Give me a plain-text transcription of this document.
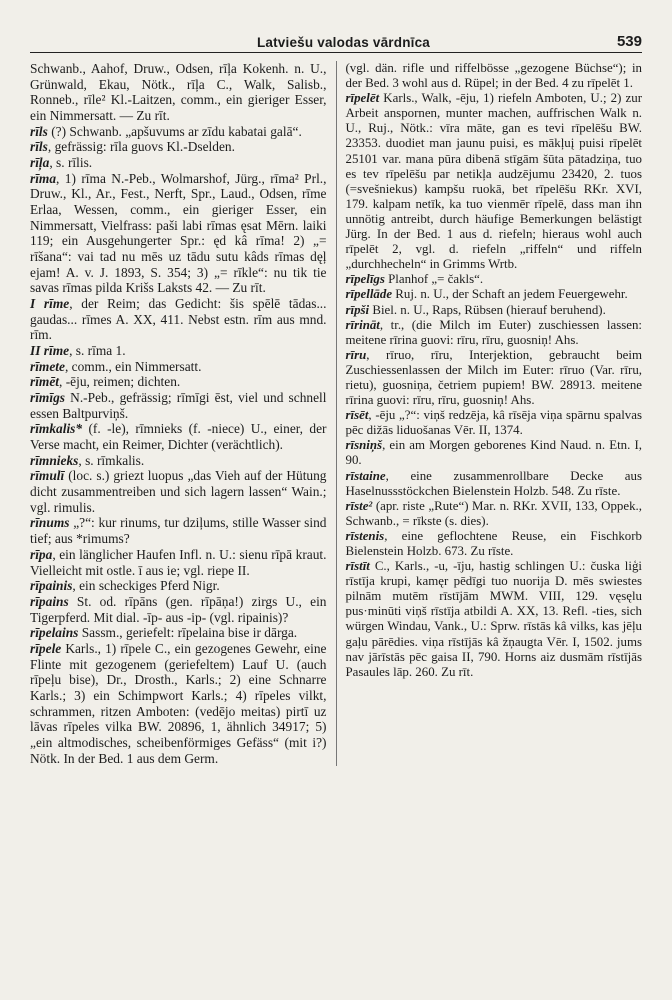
Latviešu valodas vārdnīca	539

Schwanb., Aahof, Druw., Odsen, rīļa Kokenh. n. U., Grünwald, Ekau, Nötk., rīļa C., Walk, Salisb., Ronneb., rīle² Kl.-Laitzen, comm., ein gieriger Esser, ein Nimmersatt. — Zu rīt.

rīls (?) Schwanb. „apšuvums ar zīdu kabatai galā“.

rīls, gefrässig: rīla guovs Kl.-Dselden.

rīļa, s. rīlis.

rīma, 1) rīma N.-Peb., Wolmarshof, Jürg., rīma² Prl., Druw., Kl., Ar., Fest., Nerft, Spr., Laud., Odsen, rīme Erlaa, Wessen, comm., ein gieriger Esser, ein Nimmersatt, Vielfrass: paši labi rīmas ęsat Mērn. laiki 119; ein Ausgehungerter Spr.: ęd kâ rīma! 2) „= rīšana“: vai tad nu mēs uz tādu sutu kâds rīmas dęļ ejam! A. v. J. 1893, S. 354; 3) „= rīkle“: nu tik tie savas rīmas pilda Krišs Laksts 42. — Zu rīt.

I rīme, der Reim; das Gedicht: šis spēlē tādas... gaudas... rīmes A. XX, 411. Nebst estn. rīm aus mnd. rīm.

II rīme, s. rīma 1.

rīmete, comm., ein Nimmersatt.

rīmēt, -ēju, reimen; dichten.

rīmīgs N.-Peb., gefrässig; rīmīgi ēst, viel und schnell essen Baltpurviņš.

rīmkalis* (f. -le), rīmnieks (f. -niece) U., einer, der Verse macht, ein Reimer, Dichter (verächtlich).

rīmnieks, s. rīmkalis.

rīmulī (loc. s.) griezt luopus „das Vieh auf der Hütung dicht zusammentreiben und sich lagern lassen“ Wain.; vgl. rimulis.

rīnums „?“: kur rinums, tur dziļums, stille Wasser sind tief; aus *rimums?

rīpa, ein länglicher Haufen Infl. n. U.: sienu rīpā kraut. Vielleicht mit ostle. ī aus ie; vgl. riepe II.

rīpainis, ein scheckiges Pferd Nigr.

rīpains St. od. rīpāns (gen. rīpāņa!) zirgs U., ein Tigerpferd. Mit dial. -īp- aus -ip- (vgl. ripainis)?

rīpelains Sassm., geriefelt: rīpelaina bise ir dārga.

rīpele Karls., 1) rīpele C., ein gezogenes Gewehr, eine Flinte mit gezogenem (geriefeltem) Lauf U. (auch rīpeļu bise), Dr., Drosth., Karls.; 2) eine Schnarre Karls.; 3) ein Schimpwort Karls.; 4) rīpeles vilkt, schrammen, ritzen Amboten: (vedējo meitas) pirtī uz lāvas rīpeles vilka BW. 20896, 1, ähnlich 34917; 5) „ein altmodisches, scheibenförmiges Gefäss“ (mit i?) Nötk. In der Bed. 1 aus dem Germ.

(vgl. dän. rifle und riffelbösse „gezogene Büchse“); in der Bed. 3 wohl aus d. Rüpel; in der Bed. 4 zu rīpelēt 1.

rīpelēt Karls., Walk, -ēju, 1) riefeln Amboten, U.; 2) zur Arbeit anspornen, munter machen, auffrischen Walk n. U., Ruj., Nötk.: vīra māte, gan es tevi rīpelēšu BW. 23353. duodiet man jaunu puisi, es mākļuį puisi rīpelēt 25101 var. mana pūra dibenā stīgām šūta pātadziņa, tuo es tev rīpelēšu par netikļa audzējumu 23420, 2. tuos (=svešniekus) kampšu ruokā, bet rīpelēšu RKr. XVI, 179. kalpam netīk, ka tuo vienmēr rīpelē, dass man ihn unnötig antreibt, durch häufige Bemerkungen belästigt Jürg. In der Bed. 1 aus d. riefeln; hieraus wohl auch rīpelēt 2, vgl. d. riefeln „riffeln“ und riffeln „durchhecheln“ in Grimms Wrtb.

rīpelīgs Planhof „= čakls“.

rīpellāde Ruj. n. U., der Schaft an jedem Feuergewehr.

rīpši Biel. n. U., Raps, Rübsen (hierauf beruhend).

rīrināt, tr., (die Milch im Euter) zuschiessen lassen: meitene rīrina guovi: rīru, rīru, guosniņ! Ahs.

rīru, rīruo, rīru, Interjektion, gebraucht beim Zuschiessenlassen der Milch im Euter: rīruo (Var. rīru, rietu), guosniņa, četriem pupiem! BW. 28913. meitene rīrina guovi: rīru, rīru, guosniņ! Ahs.

rīsēt, -ēju „?“: viņš redzēja, kâ rīsēja viņa spārnu spalvas pēc dižās liduošanas Vēr. II, 1374.

rīsniņš, ein am Morgen geborenes Kind Naud. n. Etn. I, 90.

rīstaine, eine zusammenrollbare Decke aus Haselnussstöckchen Bielenstein Holzb. 548. Zu rīste.

rīste² (apr. riste „Rute“) Mar. n. RKr. XVII, 133, Oppek., Schwanb., = rīkste (s. dies).

rīstenis, eine geflochtene Reuse, ein Fischkorb Bielenstein Holzb. 673. Zu rīste.

rīstīt C., Karls., -u, -īju, hastig schlingen U.: čuska liģi rīstīja krupi, kamęr pēdīgi tuo nuorija D. mēs swiestes pilnām mutēm rīstījām MWM. VIII, 129. vęsęlu pus·minūti viņš rīstīja atbildi A. XX, 13. Refl. -ties, sich würgen Windau, Vank., U.: Sprw. rīstās kâ vilks, kas jēļu gaļu pārēdies. viņa rīstījās kâ žņaugta Vēr. I, 1502. jums nav jārīstās pēc gaisa II, 790. Horns aiz dusmām rīstījās Pasaules lāp. 260. Zu rīt.
